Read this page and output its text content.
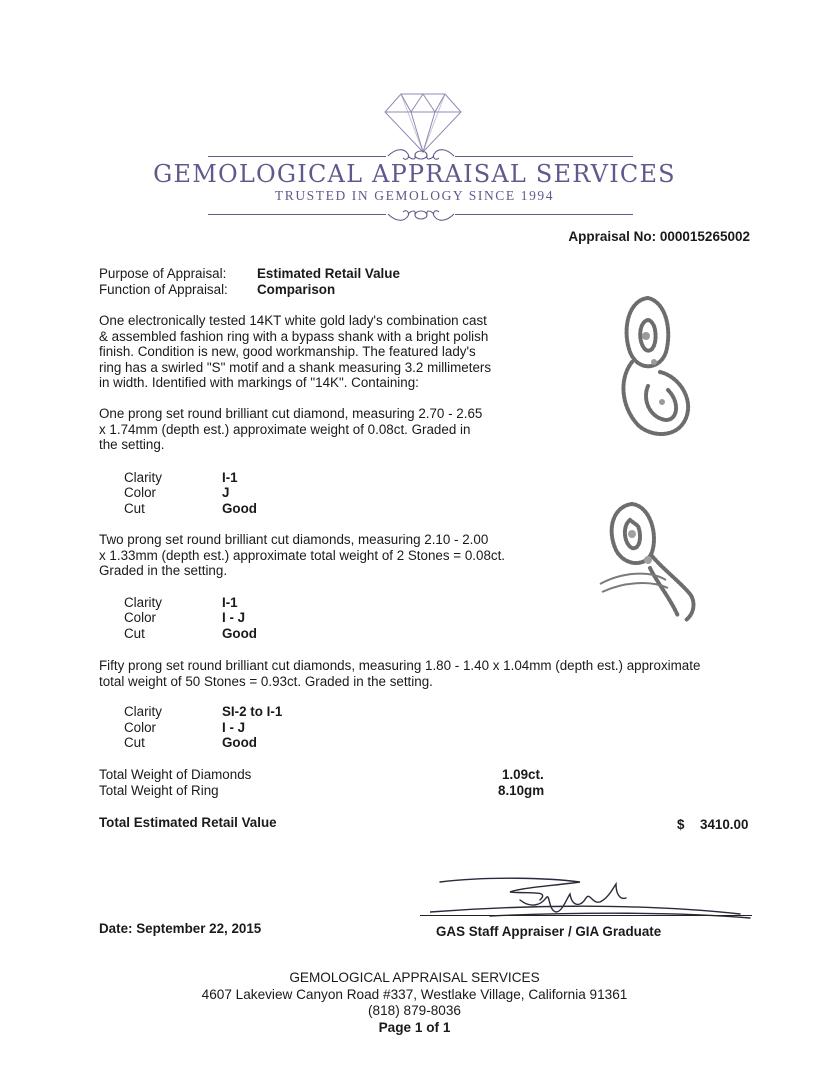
GEMOLOGICAL APPRAISAL SERVICES
TRUSTED IN GEMOLOGY SINCE 1994
Appraisal No: 000015265002
Purpose of Appraisal: Estimated Retail Value
Function of Appraisal: Comparison
One electronically tested 14KT white gold lady's combination cast
& assembled fashion ring with a bypass shank with a bright polish
finish. Condition is new, good workmanship. The featured lady's
ring has a swirled "S" motif and a shank measuring 3.2 millimeters
in width. Identified with markings of "14K". Containing:
One prong set round brilliant cut diamond, measuring 2.70 - 2.65
x 1.74mm (depth est.) approximate weight of 0.08ct. Graded in
the setting.
Clarity	I-1
Color	J
Cut	Good
Two prong set round brilliant cut diamonds, measuring 2.10 - 2.00
x 1.33mm (depth est.) approximate total weight of 2 Stones = 0.08ct.
Graded in the setting.
Clarity	I-1
Color	I - J
Cut	Good
Fifty prong set round brilliant cut diamonds, measuring 1.80 - 1.40 x 1.04mm (depth est.) approximate
total weight of 50 Stones = 0.93ct. Graded in the setting.
Clarity	SI-2 to I-1
Color	I - J
Cut	Good
Total Weight of Diamonds	1.09ct.
Total Weight of Ring	8.10gm
Total Estimated Retail Value	$ 3410.00
Date: September 22, 2015	GAS Staff Appraiser / GIA Graduate
GEMOLOGICAL APPRAISAL SERVICES
4607 Lakeview Canyon Road #337, Westlake Village, California 91361
(818) 879-8036
Page 1 of 1
